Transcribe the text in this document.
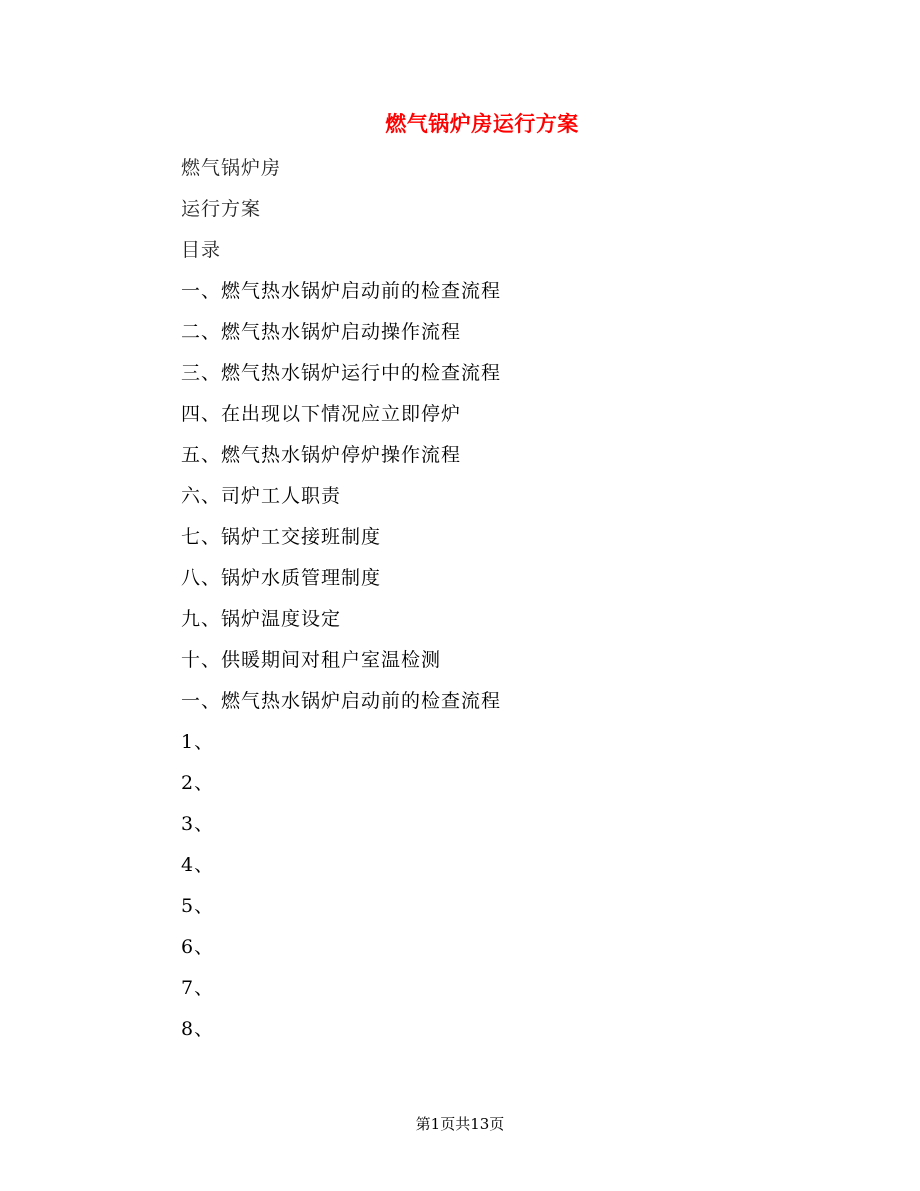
燃气锅炉房运行方案
燃气锅炉房
运行方案
目录
一、燃气热水锅炉启动前的检查流程
二、燃气热水锅炉启动操作流程
三、燃气热水锅炉运行中的检查流程
四、在出现以下情况应立即停炉
五、燃气热水锅炉停炉操作流程
六、司炉工人职责
七、锅炉工交接班制度
八、锅炉水质管理制度
九、锅炉温度设定
十、供暖期间对租户室温检测
一、燃气热水锅炉启动前的检查流程
1、
2、
3、
4、
5、
6、
7、
8、
第1页共13页
